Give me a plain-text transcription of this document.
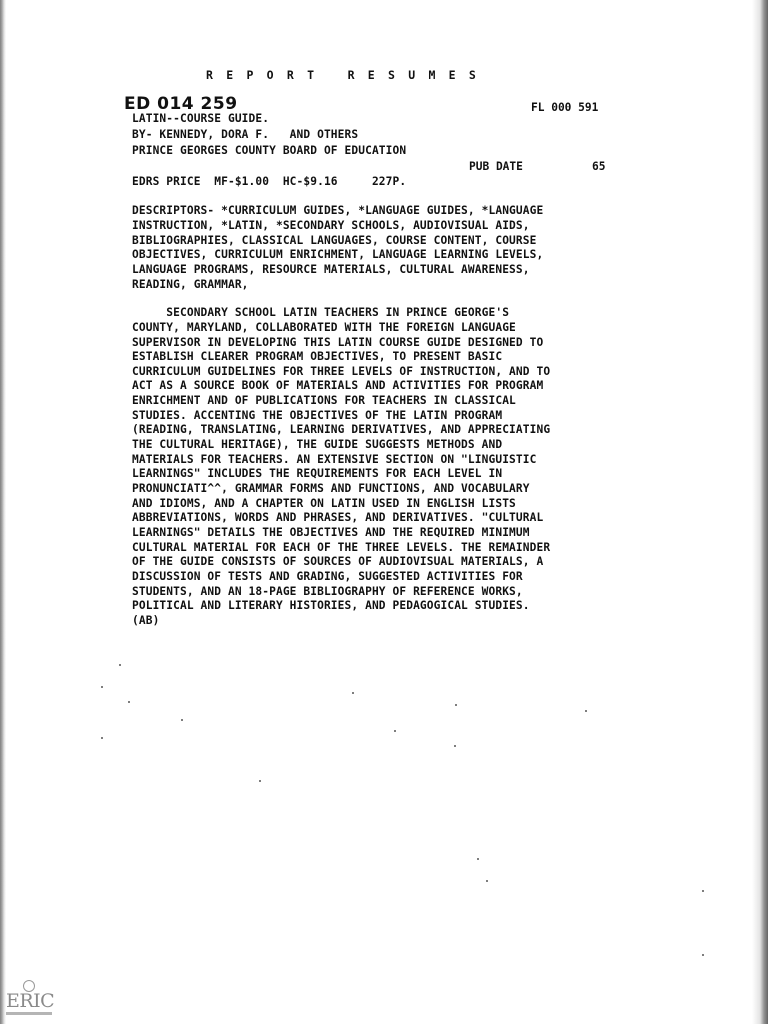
REPORT RESUMES
ED 014 259	FL 000 591
LATIN--COURSE GUIDE.
BY- KENNEDY, DORA F.   AND OTHERS
PRINCE GEORGES COUNTY BOARD OF EDUCATION
PUB DATE	65
EDRS PRICE  MF-$1.00  HC-$9.16     227P.
DESCRIPTORS- *CURRICULUM GUIDES, *LANGUAGE GUIDES, *LANGUAGE
INSTRUCTION, *LATIN, *SECONDARY SCHOOLS, AUDIOVISUAL AIDS,
BIBLIOGRAPHIES, CLASSICAL LANGUAGES, COURSE CONTENT, COURSE
OBJECTIVES, CURRICULUM ENRICHMENT, LANGUAGE LEARNING LEVELS,
LANGUAGE PROGRAMS, RESOURCE MATERIALS, CULTURAL AWARENESS,
READING, GRAMMAR,
SECONDARY SCHOOL LATIN TEACHERS IN PRINCE GEORGE'S
COUNTY, MARYLAND, COLLABORATED WITH THE FOREIGN LANGUAGE
SUPERVISOR IN DEVELOPING THIS LATIN COURSE GUIDE DESIGNED TO
ESTABLISH CLEARER PROGRAM OBJECTIVES, TO PRESENT BASIC
CURRICULUM GUIDELINES FOR THREE LEVELS OF INSTRUCTION, AND TO
ACT AS A SOURCE BOOK OF MATERIALS AND ACTIVITIES FOR PROGRAM
ENRICHMENT AND OF PUBLICATIONS FOR TEACHERS IN CLASSICAL
STUDIES. ACCENTING THE OBJECTIVES OF THE LATIN PROGRAM
(READING, TRANSLATING, LEARNING DERIVATIVES, AND APPRECIATING
THE CULTURAL HERITAGE), THE GUIDE SUGGESTS METHODS AND
MATERIALS FOR TEACHERS. AN EXTENSIVE SECTION ON "LINGUISTIC
LEARNINGS" INCLUDES THE REQUIREMENTS FOR EACH LEVEL IN
PRONUNCIATI^^, GRAMMAR FORMS AND FUNCTIONS, AND VOCABULARY
AND IDIOMS, AND A CHAPTER ON LATIN USED IN ENGLISH LISTS
ABBREVIATIONS, WORDS AND PHRASES, AND DERIVATIVES. "CULTURAL
LEARNINGS" DETAILS THE OBJECTIVES AND THE REQUIRED MINIMUM
CULTURAL MATERIAL FOR EACH OF THE THREE LEVELS. THE REMAINDER
OF THE GUIDE CONSISTS OF SOURCES OF AUDIOVISUAL MATERIALS, A
DISCUSSION OF TESTS AND GRADING, SUGGESTED ACTIVITIES FOR
STUDENTS, AND AN 18-PAGE BIBLIOGRAPHY OF REFERENCE WORKS,
POLITICAL AND LITERARY HISTORIES, AND PEDAGOGICAL STUDIES.
(AB)
ERIC
